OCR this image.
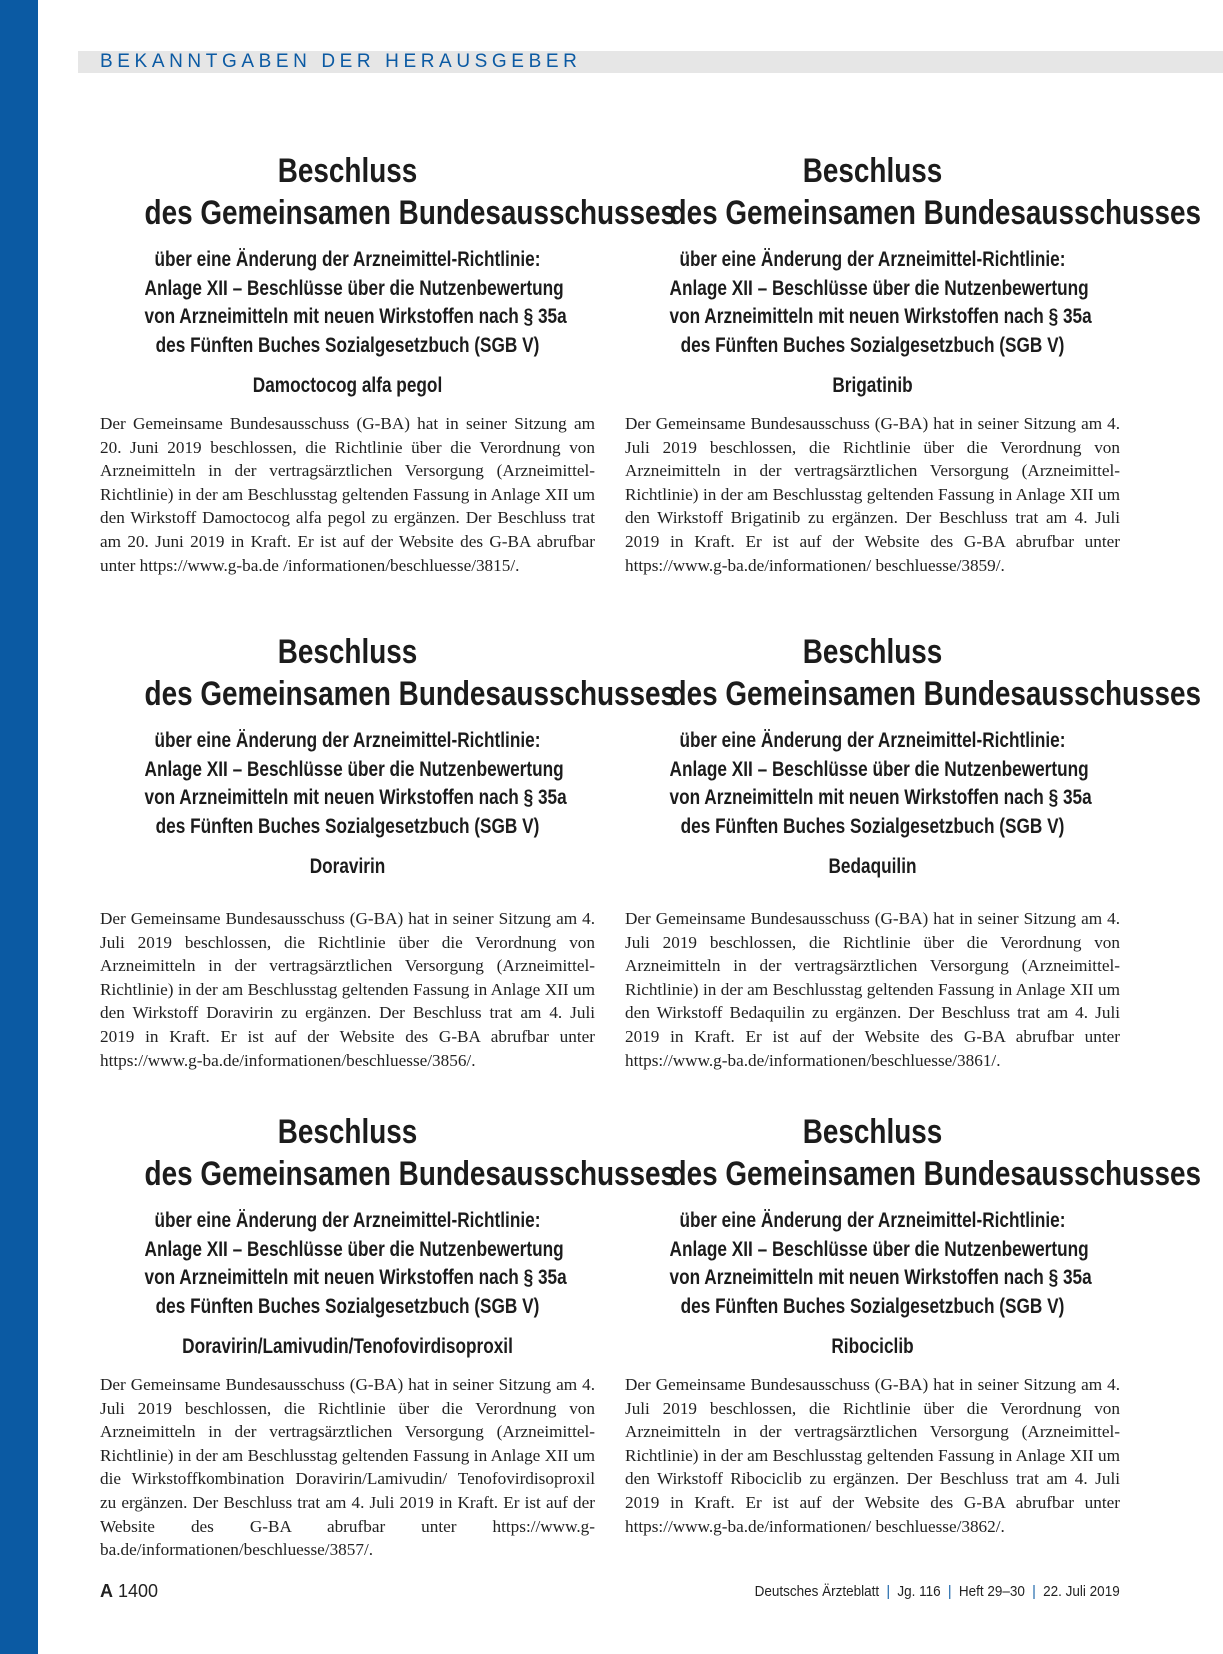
BEKANNTGABEN DER HERAUSGEBER
Beschluss
des Gemeinsamen Bundesausschusses
über eine Änderung der Arzneimittel-Richtlinie:
Anlage XII – Beschlüsse über die Nutzenbewertung
von Arzneimitteln mit neuen Wirkstoffen nach § 35a
des Fünften Buches Sozialgesetzbuch (SGB V)
Damoctocog alfa pegol
Der Gemeinsame Bundesausschuss (G-BA) hat in seiner Sitzung am 20. Juni 2019 beschlossen, die Richtlinie über die Verordnung von Arzneimitteln in der vertragsärztlichen Versorgung (Arzneimittel-Richtlinie) in der am Beschlusstag geltenden Fassung in Anlage XII um den Wirkstoff Damoctocog alfa pegol zu ergänzen. Der Beschluss trat am 20. Juni 2019 in Kraft. Er ist auf der Website des G-BA abrufbar unter https://www.g-ba.de /informationen/beschluesse/3815/.
Beschluss
des Gemeinsamen Bundesausschusses
über eine Änderung der Arzneimittel-Richtlinie:
Anlage XII – Beschlüsse über die Nutzenbewertung
von Arzneimitteln mit neuen Wirkstoffen nach § 35a
des Fünften Buches Sozialgesetzbuch (SGB V)
Brigatinib
Der Gemeinsame Bundesausschuss (G-BA) hat in seiner Sitzung am 4. Juli 2019 beschlossen, die Richtlinie über die Verordnung von Arzneimitteln in der vertragsärztlichen Versorgung (Arzneimittel-Richtlinie) in der am Beschlusstag geltenden Fassung in Anlage XII um den Wirkstoff Brigatinib zu ergänzen. Der Beschluss trat am 4. Juli 2019 in Kraft. Er ist auf der Website des G-BA abrufbar unter https://www.g-ba.de/informationen/ beschluesse/3859/.
Beschluss
des Gemeinsamen Bundesausschusses
über eine Änderung der Arzneimittel-Richtlinie:
Anlage XII – Beschlüsse über die Nutzenbewertung
von Arzneimitteln mit neuen Wirkstoffen nach § 35a
des Fünften Buches Sozialgesetzbuch (SGB V)
Doravirin
Der Gemeinsame Bundesausschuss (G-BA) hat in seiner Sitzung am 4. Juli 2019 beschlossen, die Richtlinie über die Verordnung von Arzneimitteln in der vertragsärztlichen Versorgung (Arzneimittel-Richtlinie) in der am Beschlusstag geltenden Fassung in Anlage XII um den Wirkstoff Doravirin zu ergänzen. Der Beschluss trat am 4. Juli 2019 in Kraft. Er ist auf der Website des G-BA abrufbar unter https://www.g-ba.de/informationen/beschluesse/3856/.
Beschluss
des Gemeinsamen Bundesausschusses
über eine Änderung der Arzneimittel-Richtlinie:
Anlage XII – Beschlüsse über die Nutzenbewertung
von Arzneimitteln mit neuen Wirkstoffen nach § 35a
des Fünften Buches Sozialgesetzbuch (SGB V)
Bedaquilin
Der Gemeinsame Bundesausschuss (G-BA) hat in seiner Sitzung am 4. Juli 2019 beschlossen, die Richtlinie über die Verordnung von Arzneimitteln in der vertragsärztlichen Versorgung (Arzneimittel-Richtlinie) in der am Beschlusstag geltenden Fassung in Anlage XII um den Wirkstoff Bedaquilin zu ergänzen. Der Beschluss trat am 4. Juli 2019 in Kraft. Er ist auf der Website des G-BA abrufbar unter https://www.g-ba.de/informationen/beschluesse/3861/.
Beschluss
des Gemeinsamen Bundesausschusses
über eine Änderung der Arzneimittel-Richtlinie:
Anlage XII – Beschlüsse über die Nutzenbewertung
von Arzneimitteln mit neuen Wirkstoffen nach § 35a
des Fünften Buches Sozialgesetzbuch (SGB V)
Doravirin/Lamivudin/Tenofovirdisoproxil
Der Gemeinsame Bundesausschuss (G-BA) hat in seiner Sitzung am 4. Juli 2019 beschlossen, die Richtlinie über die Verordnung von Arzneimitteln in der vertragsärztlichen Versorgung (Arzneimittel-Richtlinie) in der am Beschlusstag geltenden Fassung in Anlage XII um die Wirkstoffkombination Doravirin/Lamivudin/ Tenofovirdisoproxil zu ergänzen. Der Beschluss trat am 4. Juli 2019 in Kraft. Er ist auf der Website des G-BA abrufbar unter https://www.g-ba.de/informationen/beschluesse/3857/.
Beschluss
des Gemeinsamen Bundesausschusses
über eine Änderung der Arzneimittel-Richtlinie:
Anlage XII – Beschlüsse über die Nutzenbewertung
von Arzneimitteln mit neuen Wirkstoffen nach § 35a
des Fünften Buches Sozialgesetzbuch (SGB V)
Ribociclib
Der Gemeinsame Bundesausschuss (G-BA) hat in seiner Sitzung am 4. Juli 2019 beschlossen, die Richtlinie über die Verordnung von Arzneimitteln in der vertragsärztlichen Versorgung (Arzneimittel-Richtlinie) in der am Beschlusstag geltenden Fassung in Anlage XII um den Wirkstoff Ribociclib zu ergänzen. Der Beschluss trat am 4. Juli 2019 in Kraft. Er ist auf der Website des G-BA abrufbar unter https://www.g-ba.de/informationen/ beschluesse/3862/.
A 1400	Deutsches Ärzteblatt | Jg. 116 | Heft 29–30 | 22. Juli 2019
